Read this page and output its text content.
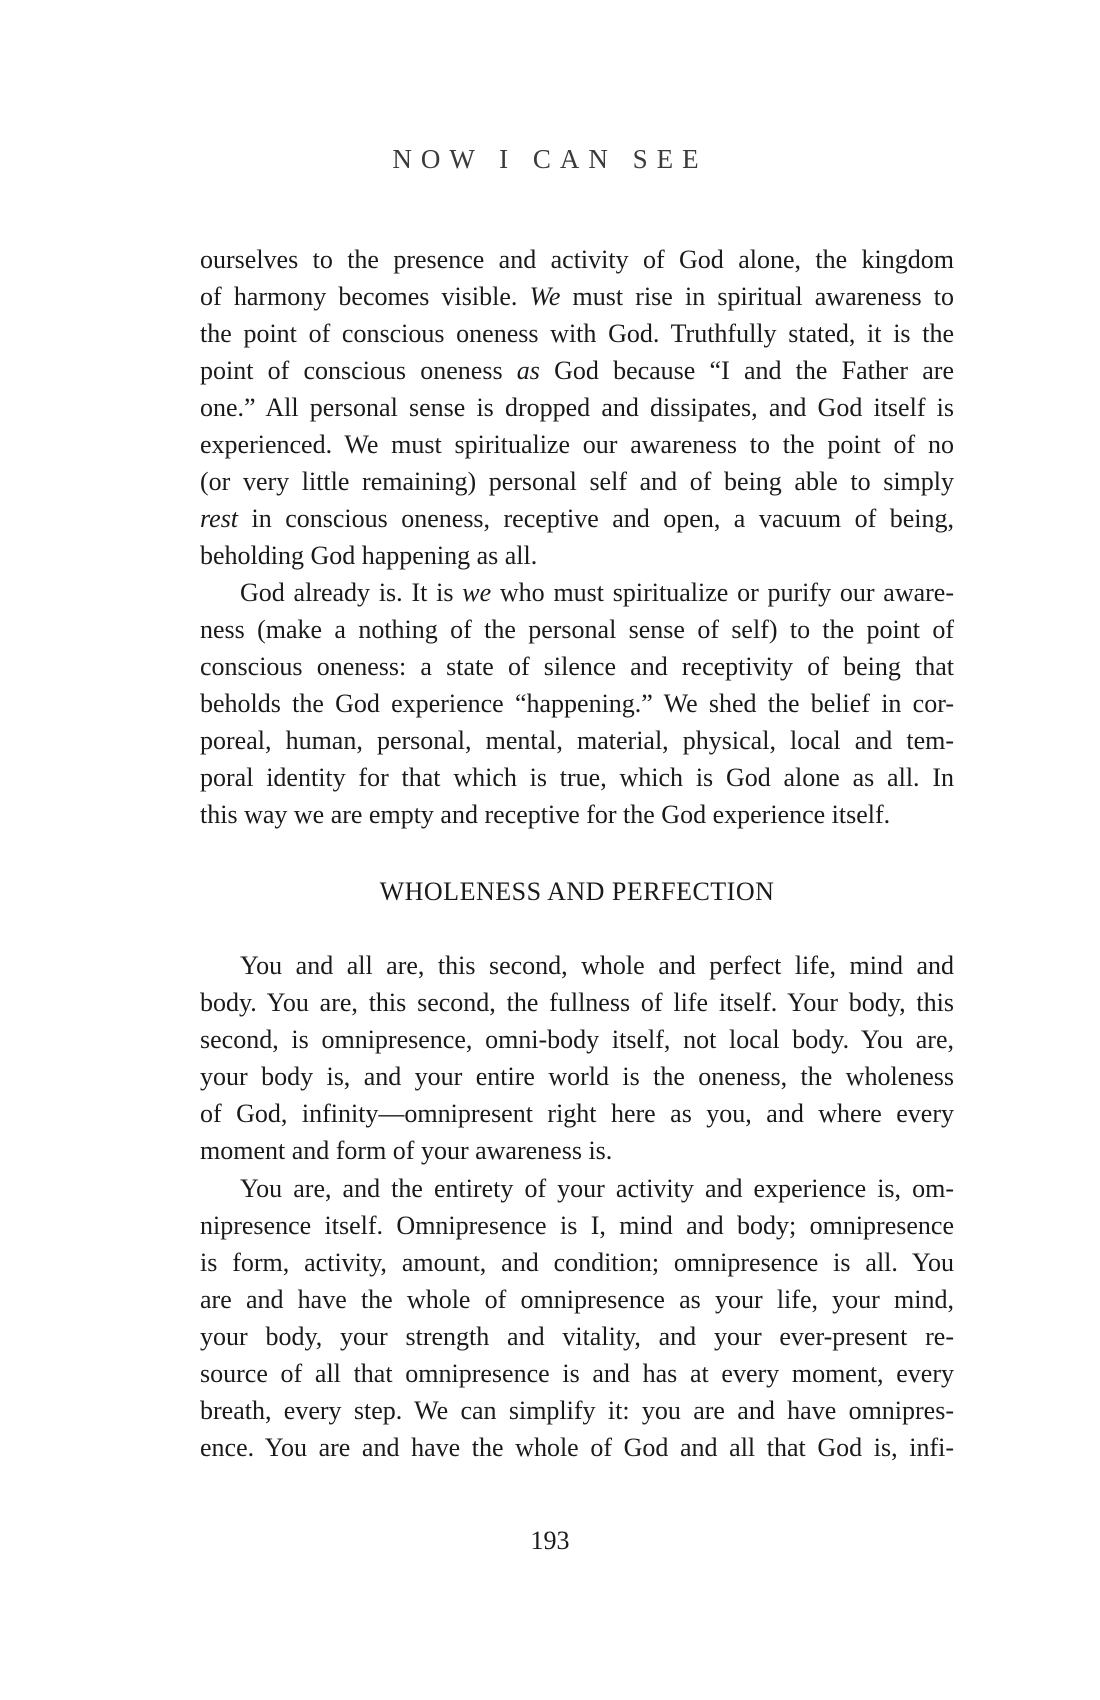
NOW I CAN SEE
ourselves to the presence and activity of God alone, the kingdom
of harmony becomes visible. We must rise in spiritual awareness to
the point of conscious oneness with God. Truthfully stated, it is the
point of conscious oneness as God because “I and the Father are
one.” All personal sense is dropped and dissipates, and God itself is
experienced. We must spiritualize our awareness to the point of no
(or very little remaining) personal self and of being able to simply
rest in conscious oneness, receptive and open, a vacuum of being,
beholding God happening as all.
God already is. It is we who must spiritualize or purify our aware-
ness (make a nothing of the personal sense of self) to the point of
conscious oneness: a state of silence and receptivity of being that
beholds the God experience “happening.” We shed the belief in cor-
poreal, human, personal, mental, material, physical, local and tem-
poral identity for that which is true, which is God alone as all. In
this way we are empty and receptive for the God experience itself.
WHOLENESS AND PERFECTION
You and all are, this second, whole and perfect life, mind and
body. You are, this second, the fullness of life itself. Your body, this
second, is omnipresence, omni-body itself, not local body. You are,
your body is, and your entire world is the oneness, the wholeness
of God, infinity—omnipresent right here as you, and where every
moment and form of your awareness is.
You are, and the entirety of your activity and experience is, om-
nipresence itself. Omnipresence is I, mind and body; omnipresence
is form, activity, amount, and condition; omnipresence is all. You
are and have the whole of omnipresence as your life, your mind,
your body, your strength and vitality, and your ever-present re-
source of all that omnipresence is and has at every moment, every
breath, every step. We can simplify it: you are and have omnipres-
ence. You are and have the whole of God and all that God is, infi-
193
